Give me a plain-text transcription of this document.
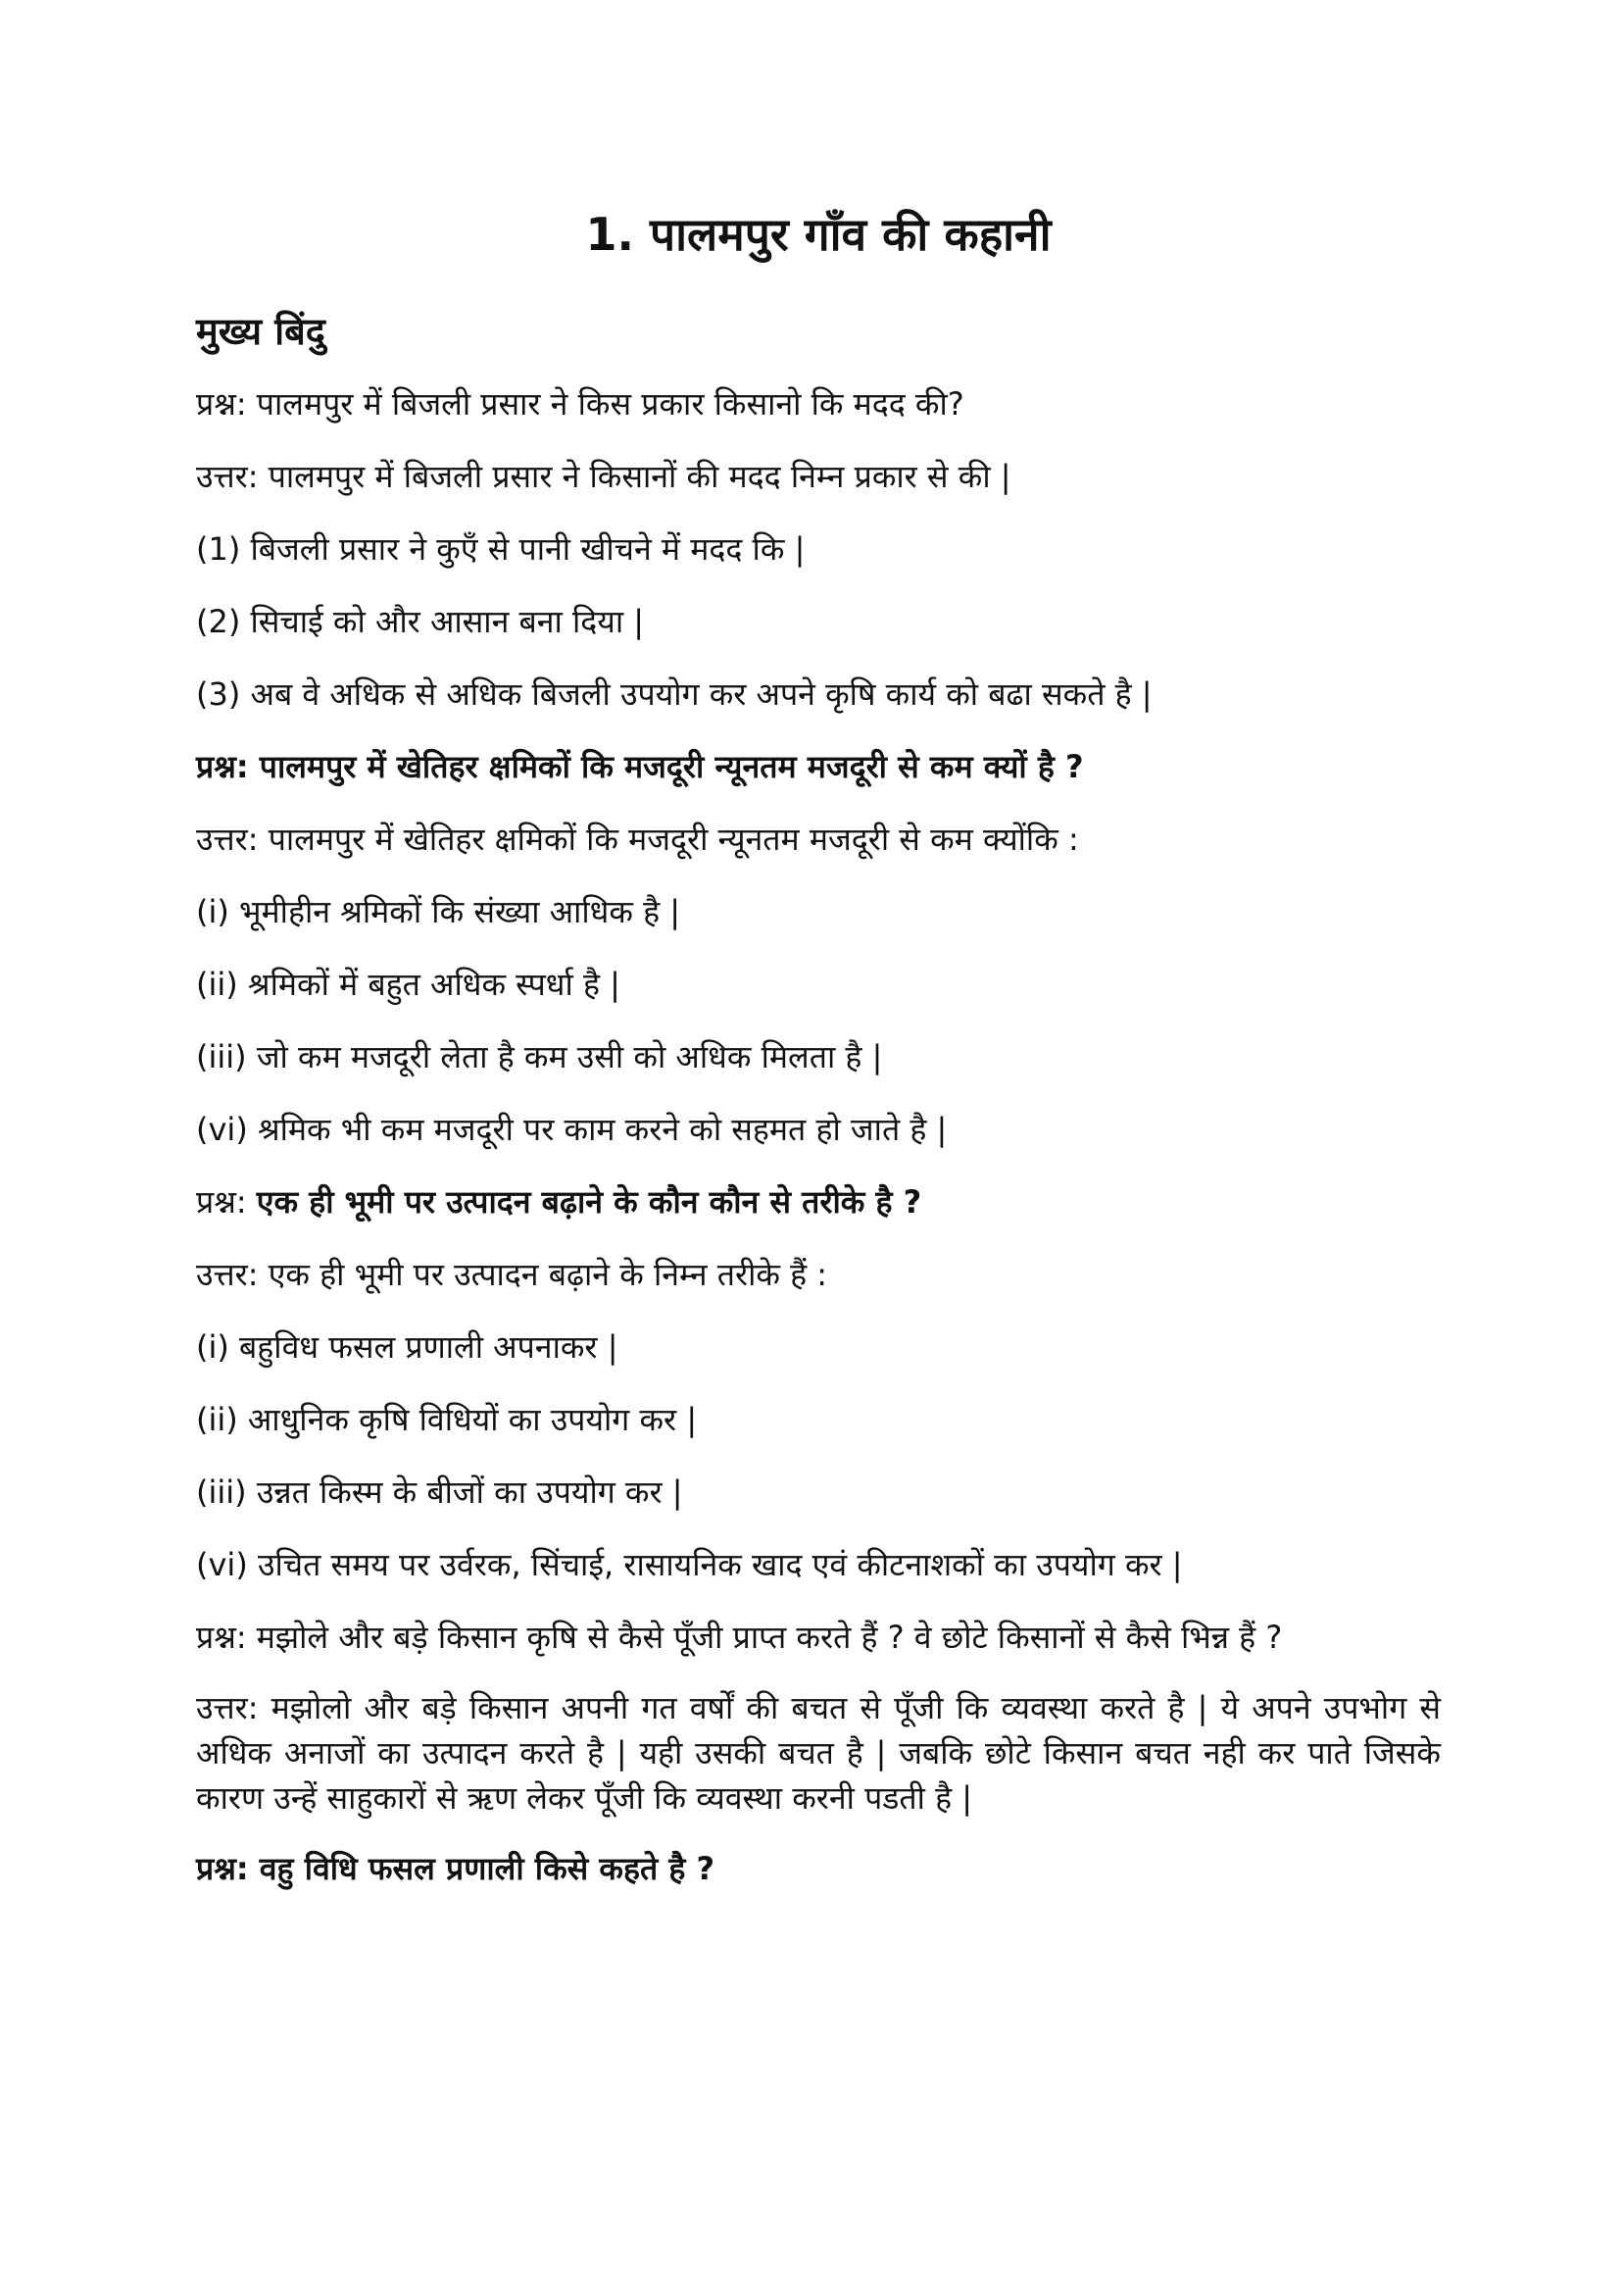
1. पालमपुर गाँव की कहानी
मुख्य बिंदु
प्रश्न: पालमपुर में बिजली प्रसार ने किस प्रकार किसानो कि मदद की?
उत्तर: पालमपुर में बिजली प्रसार ने किसानों की मदद निम्न प्रकार से की |
(1) बिजली प्रसार ने कुएँ से पानी खीचने में मदद कि |
(2) सिचाई को और आसान बना दिया |
(3) अब वे अधिक से अधिक बिजली उपयोग कर अपने कृषि कार्य को बढा सकते है |
प्रश्न: पालमपुर में खेतिहर क्षमिकों कि मजदूरी न्यूनतम मजदूरी से कम क्यों है ?
उत्तर: पालमपुर में खेतिहर क्षमिकों कि मजदूरी न्यूनतम मजदूरी से कम क्योंकि :
(i) भूमीहीन श्रमिकों कि संख्या आधिक है |
(ii) श्रमिकों में बहुत अधिक स्पर्धा है |
(iii) जो कम मजदूरी लेता है कम उसी को अधिक मिलता है |
(vi) श्रमिक भी कम मजदूरी पर काम करने को सहमत हो जाते है |
प्रश्न: एक ही भूमी पर उत्पादन बढ़ाने के कौन कौन से तरीके है ?
उत्तर: एक ही भूमी पर उत्पादन बढ़ाने के निम्न तरीके हैं :
(i) बहुविध फसल प्रणाली अपनाकर |
(ii) आधुनिक कृषि विधियों का उपयोग कर |
(iii) उन्नत किस्म के बीजों का उपयोग कर |
(vi) उचित समय पर उर्वरक, सिंचाई, रासायनिक खाद एवं कीटनाशकों का उपयोग कर |
प्रश्न: मझोले और बड़े किसान कृषि से कैसे पूँजी प्राप्त करते हैं ? वे छोटे किसानों से कैसे भिन्न हैं ?
उत्तर: मझोलो और बड़े किसान अपनी गत वर्षों की बचत से पूँजी कि व्यवस्था करते है | ये अपने उपभोग से अधिक अनाजों का उत्पादन करते है | यही उसकी बचत है | जबकि छोटे किसान बचत नही कर पाते जिसके कारण उन्हें साहुकारों से ऋण लेकर पूँजी कि व्यवस्था करनी पडती है |
प्रश्न: वहु विधि फसल प्रणाली किसे कहते है ?
